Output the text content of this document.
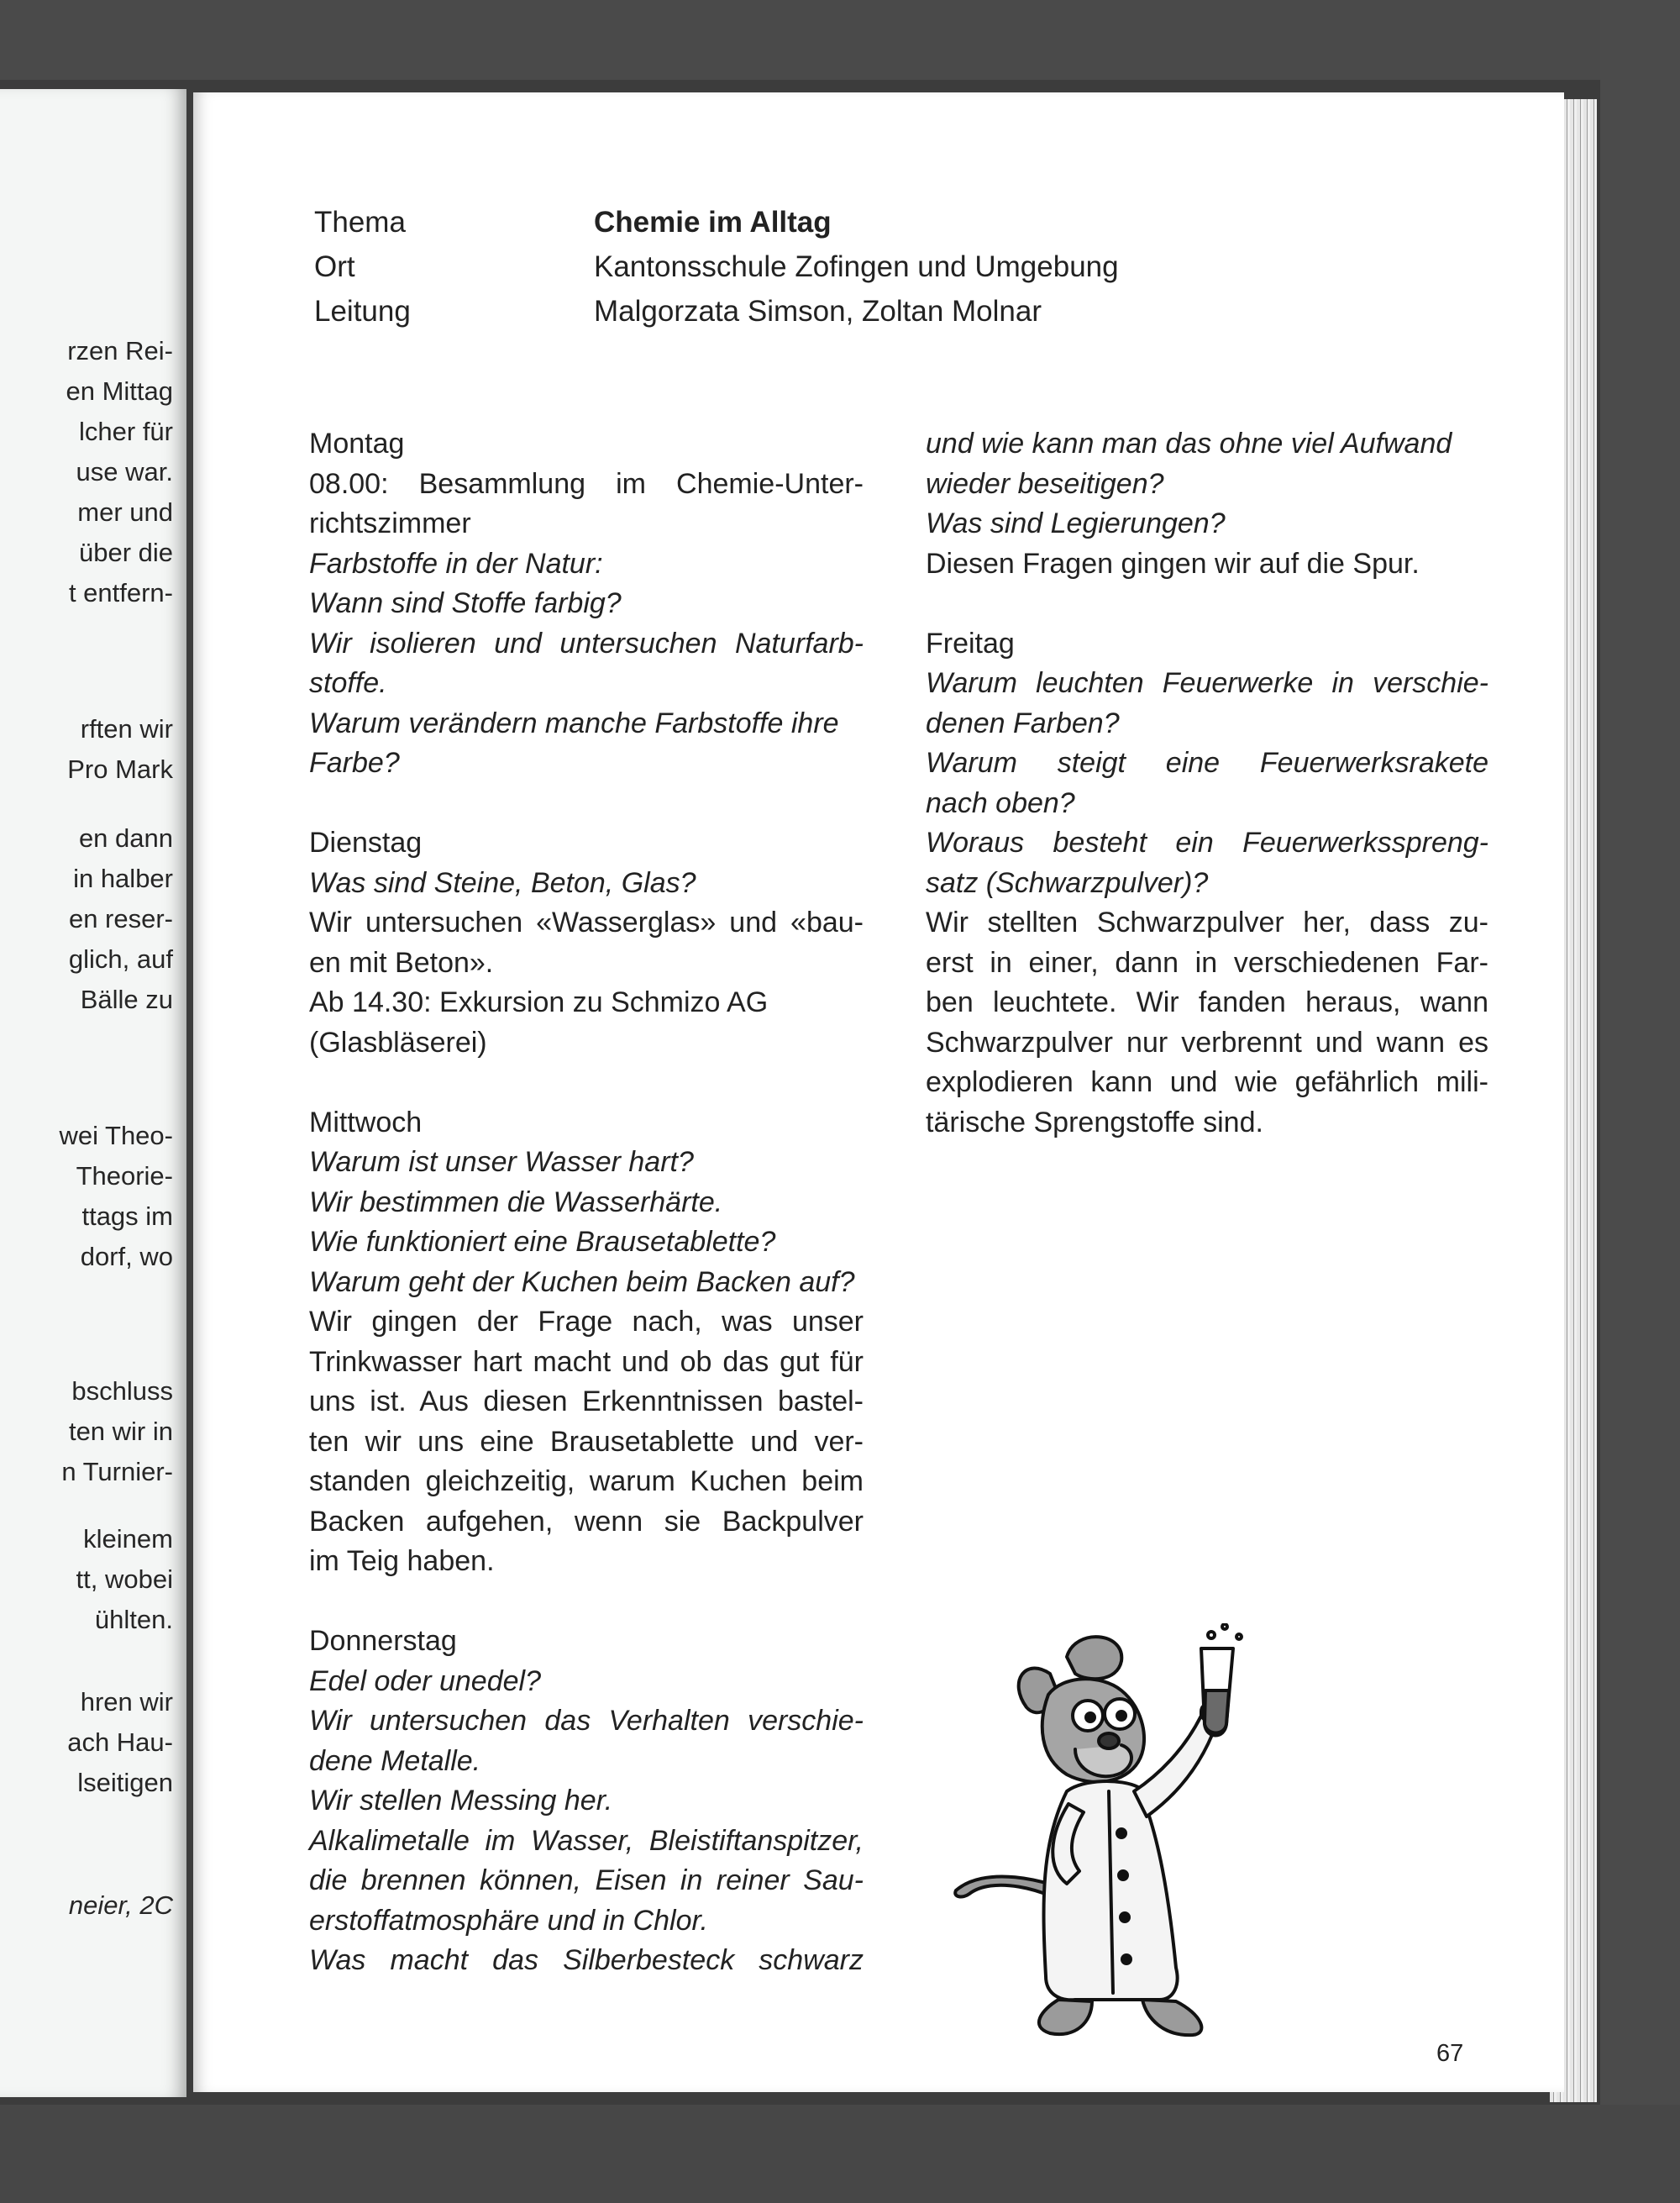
rzen Rei-
en Mittag
lcher für
use war.
mer und
über die
t entfern-
rften wir
Pro Mark
en dann
in halber
en reser-
glich, auf
Bälle zu
wei Theo-
Theorie-
ttags im
dorf, wo
bschluss
ten wir in
n Turnier-
kleinem
tt, wobei
ühlten.
hren wir
ach Hau-
lseitigen
neier, 2C
Thema	Chemie im Alltag
Ort	Kantonsschule Zofingen und Umgebung
Leitung	Malgorzata Simson, Zoltan Molnar
Montag
08.00: Besammlung im Chemie-Unter-
richtszimmer
Farbstoffe in der Natur:
Wann sind Stoffe farbig?
Wir isolieren und untersuchen Naturfarb-
stoffe.
Warum verändern manche Farbstoffe ihre
Farbe?
Dienstag
Was sind Steine, Beton, Glas?
Wir untersuchen «Wasserglas» und «bau-
en mit Beton».
Ab 14.30: Exkursion zu Schmizo AG
(Glasbläserei)
Mittwoch
Warum ist unser Wasser hart?
Wir bestimmen die Wasserhärte.
Wie funktioniert eine Brausetablette?
Warum geht der Kuchen beim Backen auf?
Wir gingen der Frage nach, was unser
Trinkwasser hart macht und ob das gut für
uns ist. Aus diesen Erkenntnissen bastel-
ten wir uns eine Brausetablette und ver-
standen gleichzeitig, warum Kuchen beim
Backen aufgehen, wenn sie Backpulver
im Teig haben.
Donnerstag
Edel oder unedel?
Wir untersuchen das Verhalten verschie-
dene Metalle.
Wir stellen Messing her.
Alkalimetalle im Wasser, Bleistiftanspitzer,
die brennen können, Eisen in reiner Sau-
erstoffatmosphäre und in Chlor.
Was macht das Silberbesteck schwarz
und wie kann man das ohne viel Aufwand
wieder beseitigen?
Was sind Legierungen?
Diesen Fragen gingen wir auf die Spur.
Freitag
Warum leuchten Feuerwerke in verschie-
denen Farben?
Warum steigt eine Feuerwerksrakete
nach oben?
Woraus besteht ein Feuerwerksspreng-
satz (Schwarzpulver)?
Wir stellten Schwarzpulver her, dass zu-
erst in einer, dann in verschiedenen Far-
ben leuchtete. Wir fanden heraus, wann
Schwarzpulver nur verbrennt und wann es
explodieren kann und wie gefährlich mili-
tärische Sprengstoffe sind.
67
